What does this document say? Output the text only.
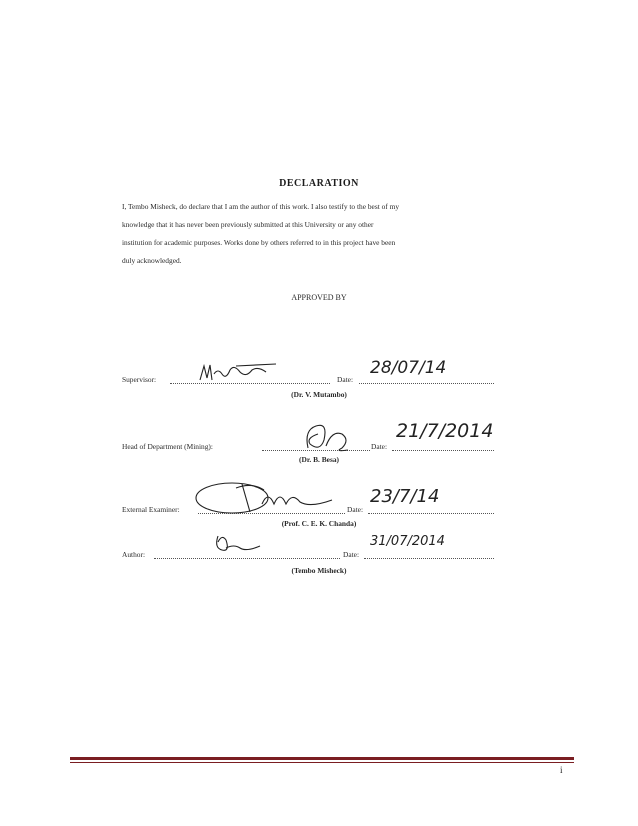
DECLARATION
I, Tembo Misheck, do declare that I am the author of this work. I also testify to the best of my
knowledge that it has never been previously submitted at this University or any other
institution for academic purposes. Works done by others referred to in this project have been
duly acknowledged.
APPROVED BY
Supervisor:	Date:
28/07/14
(Dr. V. Mutambo)
Head of Department (Mining):	Date:
21/7/2014
(Dr. B. Besa)
External Examiner:	Date:
23/7/14
(Prof. C. E. K. Chanda)
Author:	Date:
31/07/2014
(Tembo Misheck)
i
